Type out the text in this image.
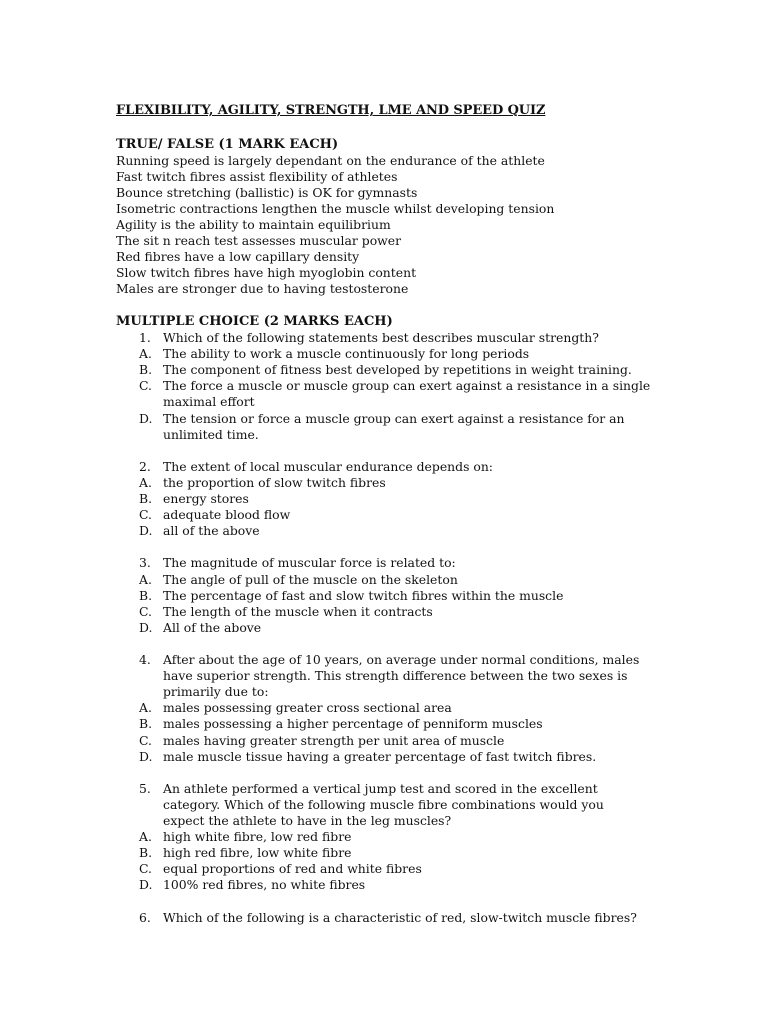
FLEXIBILITY, AGILITY, STRENGTH, LME AND SPEED QUIZ
TRUE/ FALSE (1 MARK EACH)
Running speed is largely dependant on the endurance of the athlete
Fast twitch fibres assist flexibility of athletes
Bounce stretching (ballistic) is OK for gymnasts
Isometric contractions lengthen the muscle whilst developing tension
Agility is the ability to maintain equilibrium
The sit n reach test assesses muscular power
Red fibres have a low capillary density
Slow twitch fibres have high myoglobin content
Males are stronger due to having testosterone
MULTIPLE CHOICE (2 MARKS EACH)
1. Which of the following statements best describes muscular strength?
A. The ability to work a muscle continuously for long periods
B. The component of fitness best developed by repetitions in weight training.
C. The force a muscle or muscle group can exert against a resistance in a single
maximal effort
D. The tension or force a muscle group can exert against a resistance for an
unlimited time.
2. The extent of local muscular endurance depends on:
A. the proportion of slow twitch fibres
B. energy stores
C. adequate blood flow
D. all of the above
3. The magnitude of muscular force is related to:
A. The angle of pull of the muscle on the skeleton
B. The percentage of fast and slow twitch fibres within the muscle
C. The length of the muscle when it contracts
D. All of the above
4. After about the age of 10 years, on average under normal conditions, males
have superior strength. This strength difference between the two sexes is
primarily due to:
A. males possessing greater cross sectional area
B. males possessing a higher percentage of penniform muscles
C. males having greater strength per unit area of muscle
D. male muscle tissue having a greater percentage of fast twitch fibres.
5. An athlete performed a vertical jump test and scored in the excellent
category. Which of the following muscle fibre combinations would you
expect the athlete to have in the leg muscles?
A. high white fibre, low red fibre
B. high red fibre, low white fibre
C. equal proportions of red and white fibres
D. 100% red fibres, no white fibres
6. Which of the following is a characteristic of red, slow-twitch muscle fibres?
